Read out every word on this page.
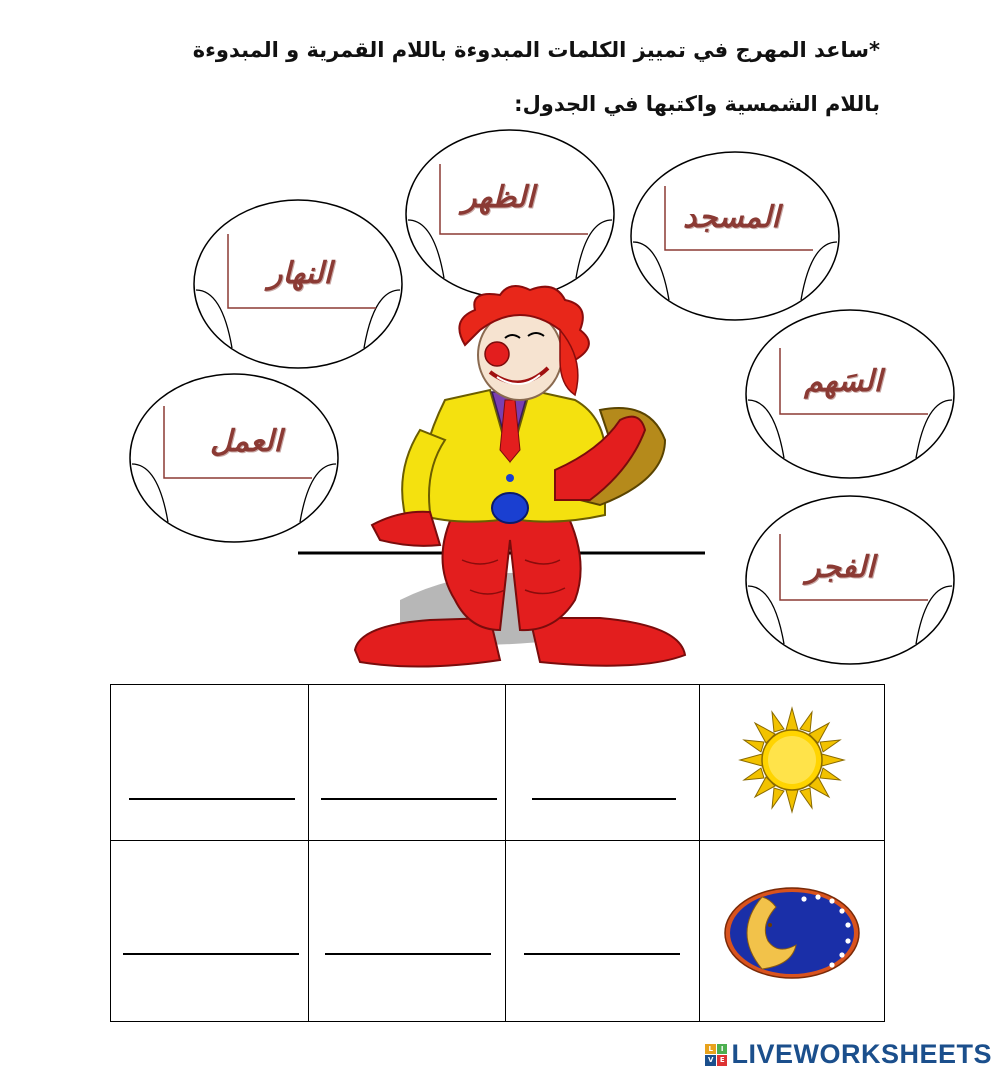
*ساعد المهرج في تمييز الكلمات المبدوءة باللام القمرية و المبدوءة
باللام الشمسية واكتبها في الجدول:
الظهر
المسجد
النهار
السَهم
العمل
الفجر

L	I
V E LIVEWORKSHEETS
